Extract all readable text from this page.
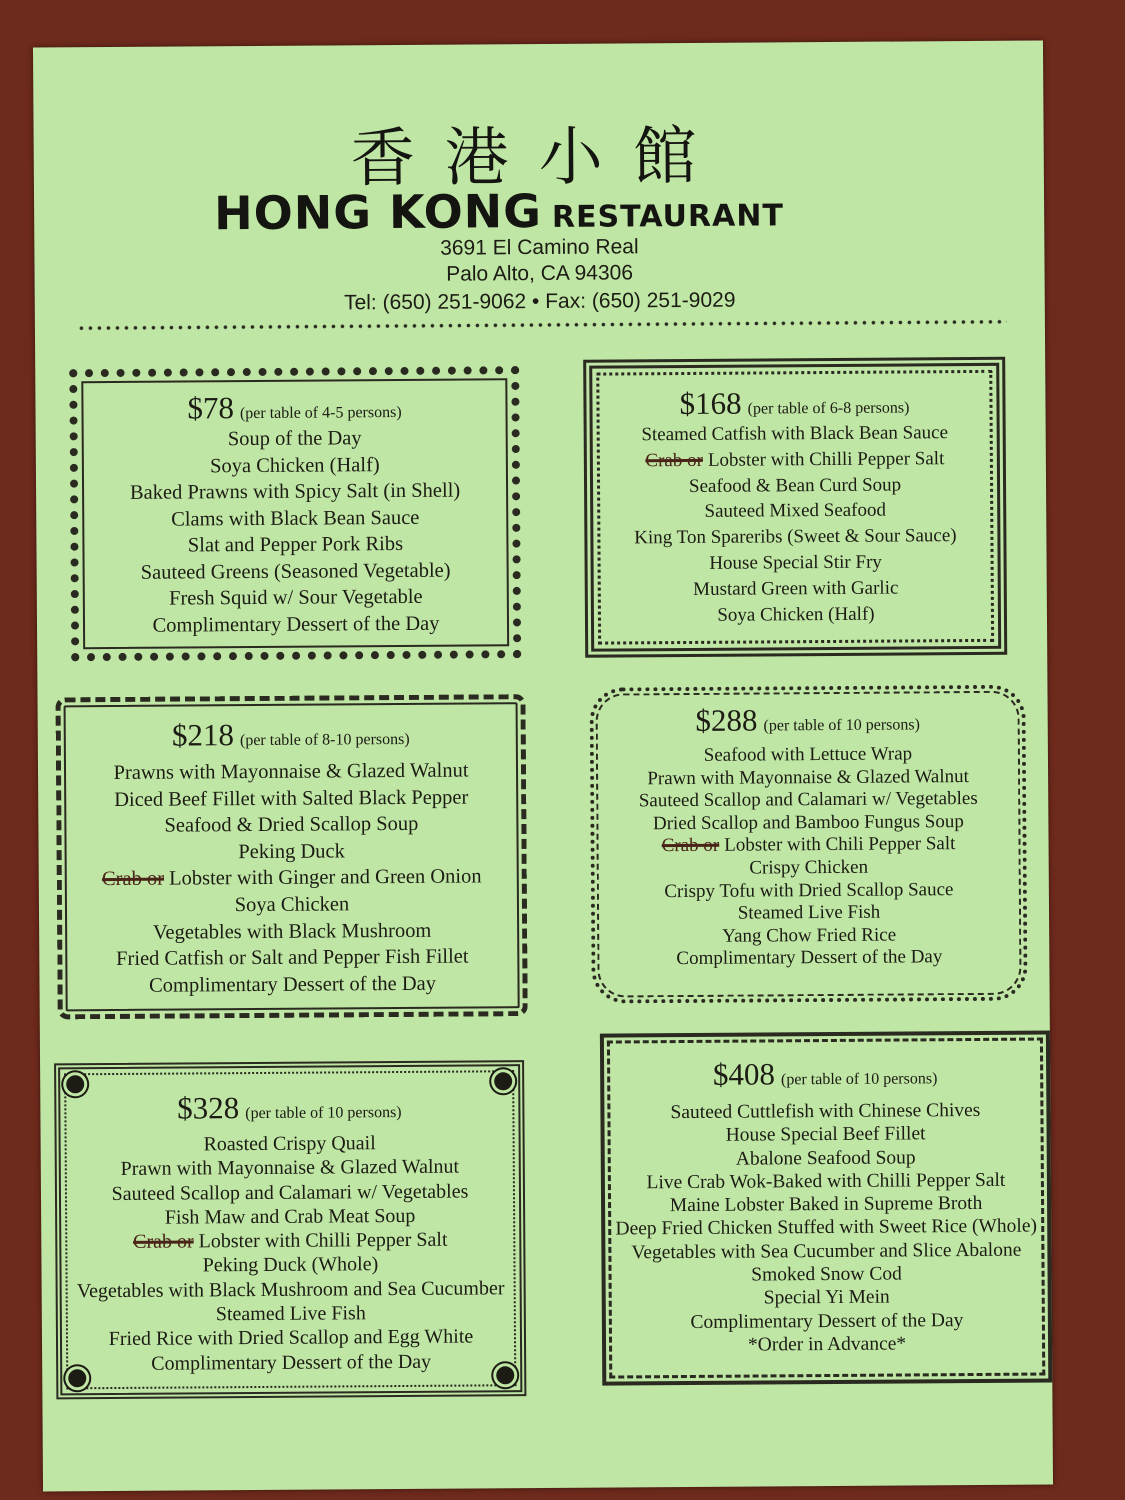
香港小館
HONG KONG RESTAURANT
3691 El Camino Real
Palo Alto, CA 94306
Tel: (650) 251-9062 • Fax: (650) 251-9029
$78 (per table of 4-5 persons)
Soup of the Day
Soya Chicken (Half)
Baked Prawns with Spicy Salt (in Shell)
Clams with Black Bean Sauce
Slat and Pepper Pork Ribs
Sauteed Greens (Seasoned Vegetable)
Fresh Squid w/ Sour Vegetable
Complimentary Dessert of the Day
$168 (per table of 6-8 persons)
Steamed Catfish with Black Bean Sauce
Crab or Lobster with Chilli Pepper Salt
Seafood & Bean Curd Soup
Sauteed Mixed Seafood
King Ton Spareribs (Sweet & Sour Sauce)
House Special Stir Fry
Mustard Green with Garlic
Soya Chicken (Half)
$218 (per table of 8-10 persons)
Prawns with Mayonnaise & Glazed Walnut
Diced Beef Fillet with Salted Black Pepper
Seafood & Dried Scallop Soup
Peking Duck
Crab or Lobster with Ginger and Green Onion
Soya Chicken
Vegetables with Black Mushroom
Fried Catfish or Salt and Pepper Fish Fillet
Complimentary Dessert of the Day
$288 (per table of 10 persons)
Seafood with Lettuce Wrap
Prawn with Mayonnaise & Glazed Walnut
Sauteed Scallop and Calamari w/ Vegetables
Dried Scallop and Bamboo Fungus Soup
Crab or Lobster with Chili Pepper Salt
Crispy Chicken
Crispy Tofu with Dried Scallop Sauce
Steamed Live Fish
Yang Chow Fried Rice
Complimentary Dessert of the Day
$328 (per table of 10 persons)
Roasted Crispy Quail
Prawn with Mayonnaise & Glazed Walnut
Sauteed Scallop and Calamari w/ Vegetables
Fish Maw and Crab Meat Soup
Crab or Lobster with Chilli Pepper Salt
Peking Duck (Whole)
Vegetables with Black Mushroom and Sea Cucumber
Steamed Live Fish
Fried Rice with Dried Scallop and Egg White
Complimentary Dessert of the Day
$408 (per table of 10 persons)
Sauteed Cuttlefish with Chinese Chives
House Special Beef Fillet
Abalone Seafood Soup
Live Crab Wok-Baked with Chilli Pepper Salt
Maine Lobster Baked in Supreme Broth
Deep Fried Chicken Stuffed with Sweet Rice (Whole)
Vegetables with Sea Cucumber and Slice Abalone
Smoked Snow Cod
Special Yi Mein
Complimentary Dessert of the Day
*Order in Advance*
